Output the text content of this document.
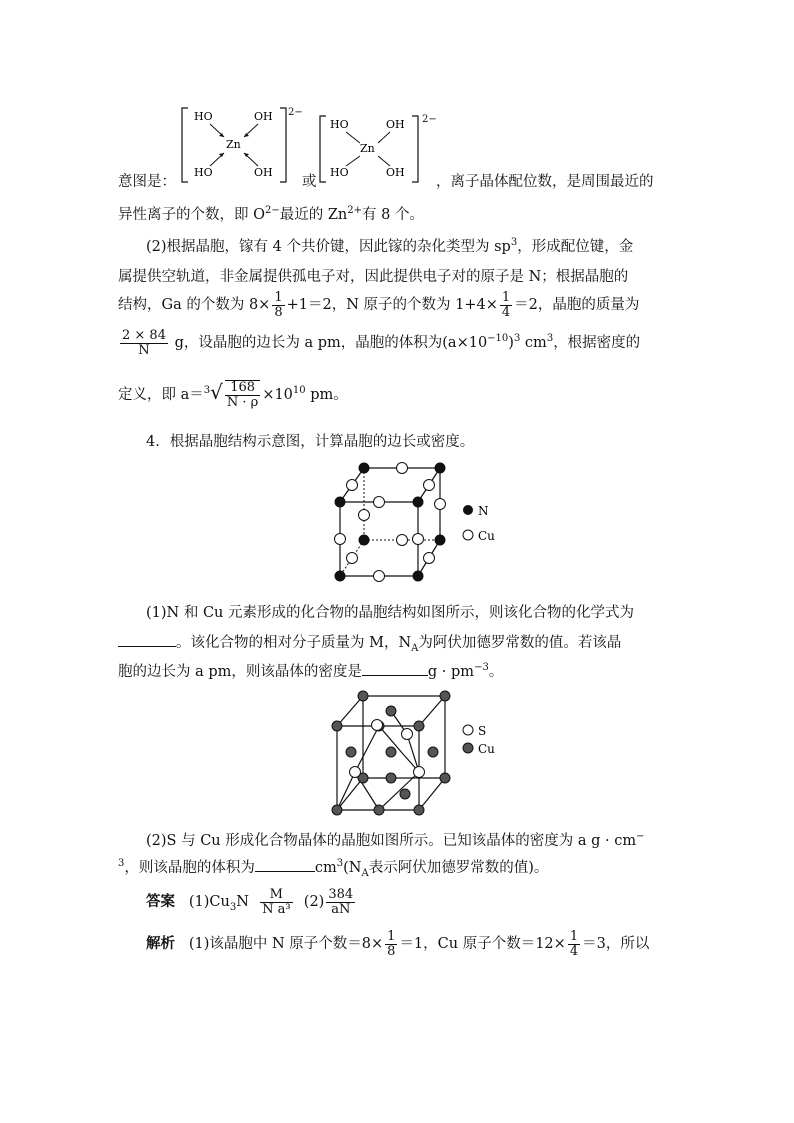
HO	OH
Zn
HO	OH
2−
HO	OH
Zn
HO	OH
2−
意图是：	或	，离子晶体配位数，是周围最近的
异性离子的个数，即 $O^{2-}$最近的 $Zn^{2+}$有 8 个。
(2)根据晶胞，镓有 4 个共价键，因此镓的杂化类型为 $sp^3$，形成配位键，金
属提供空轨道，非金属提供孤电子对，因此提供电子对的原子是 N；根据晶胞的
结构，Ga 的个数为 $8\times \frac{1}{8} +1=2$，N 原子的个数为 $1+4\times \frac{1}{4} =2$，晶胞的质量为
$\frac{2 \times 84}{N}$ g，设晶胞的边长为 a pm，晶胞的体积为$(a\times 10^{-10})^3$ $cm^3$，根据密度的
定义，即 $a=^3√ \frac{168}{N \cdot \rho} \times 10^{10}$ pm。
4．根据晶胞结构示意图，计算晶胞的边长或密度。
N
Cu
(1)N 和 Cu 元素形成的化合物的晶胞结构如图所示，则该化合物的化学式为
。该化合物的相对分子质量为 M，$N_A$为阿伏加德罗常数的值。若该晶
胞的边长为 a pm，则该晶体的密度是	$g \cdot pm^{-3}$。
S
Cu
(2)S 与 Cu 形成化合物晶体的晶胞如图所示。已知该晶体的密度为 a g · cm−
$^3$，则该晶胞的体积为	$cm^3(N_A$表示阿伏加德罗常数的值)。
答案 $(1)Cu_3N \frac{M}{\text{N a³}} (2) \frac{384}{aN}$
解析 (1)该晶胞中 N 原子个数$=8\times \frac{1}{8} =1$，Cu 原子个数$=12\times \frac{1}{4} =3$，所以
